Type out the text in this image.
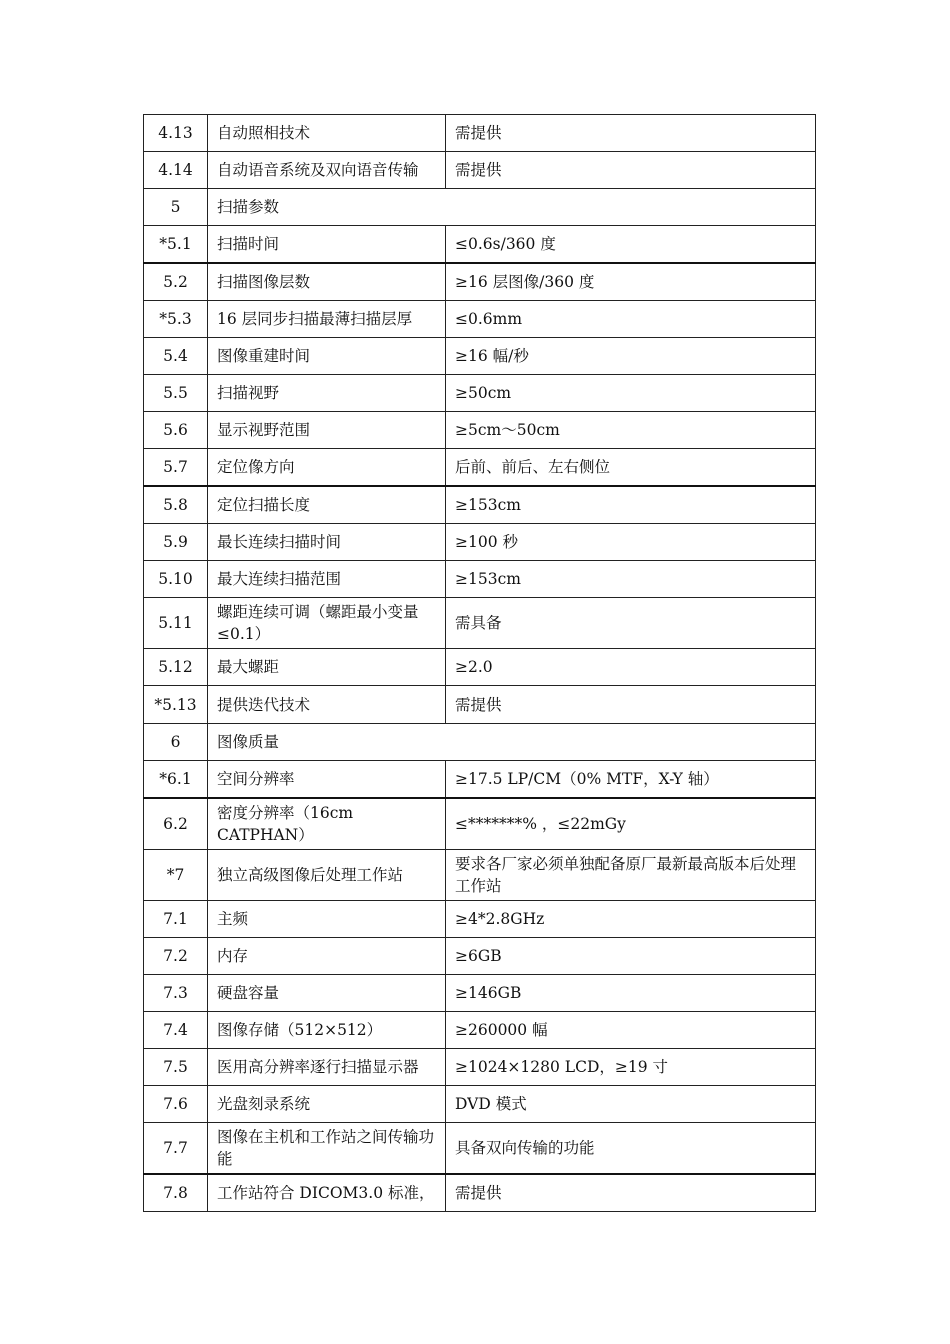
4.13	自动照相技术	需提供
4.14	自动语音系统及双向语音传输	需提供
5	扫描参数	
*5.1	扫描时间	≤0.6s/360 度
5.2	扫描图像层数	≥16 层图像/360 度
*5.3	16 层同步扫描最薄扫描层厚	≤0.6mm
5.4	图像重建时间	≥16 幅/秒
5.5	扫描视野	≥50cm
5.6	显示视野范围	≥5cm～50cm
5.7	定位像方向	后前、前后、左右侧位
5.8	定位扫描长度	≥153cm
5.9	最长连续扫描时间	≥100 秒
5.10	最大连续扫描范围	≥153cm
5.11	螺距连续可调（螺距最小变量≤0.1）	需具备
5.12	最大螺距	≥2.0
*5.13	提供迭代技术	需提供
6	图像质量	
*6.1	空间分辨率	≥17.5 LP/CM（0% MTF，X-Y 轴）
6.2	密度分辨率（16cm CATPHAN）	≤*******% ，≤22mGy
*7	独立高级图像后处理工作站	要求各厂家必须单独配备原厂最新最高版本后处理工作站
7.1	主频	≥4*2.8GHz
7.2	内存	≥6GB
7.3	硬盘容量	≥146GB
7.4	图像存储（512×512）	≥260000 幅
7.5	医用高分辨率逐行扫描显示器	≥1024×1280 LCD，≥19 寸
7.6	光盘刻录系统	DVD 模式
7.7	图像在主机和工作站之间传输功能	具备双向传输的功能
7.8	工作站符合 DICOM3.0 标准，	需提供
